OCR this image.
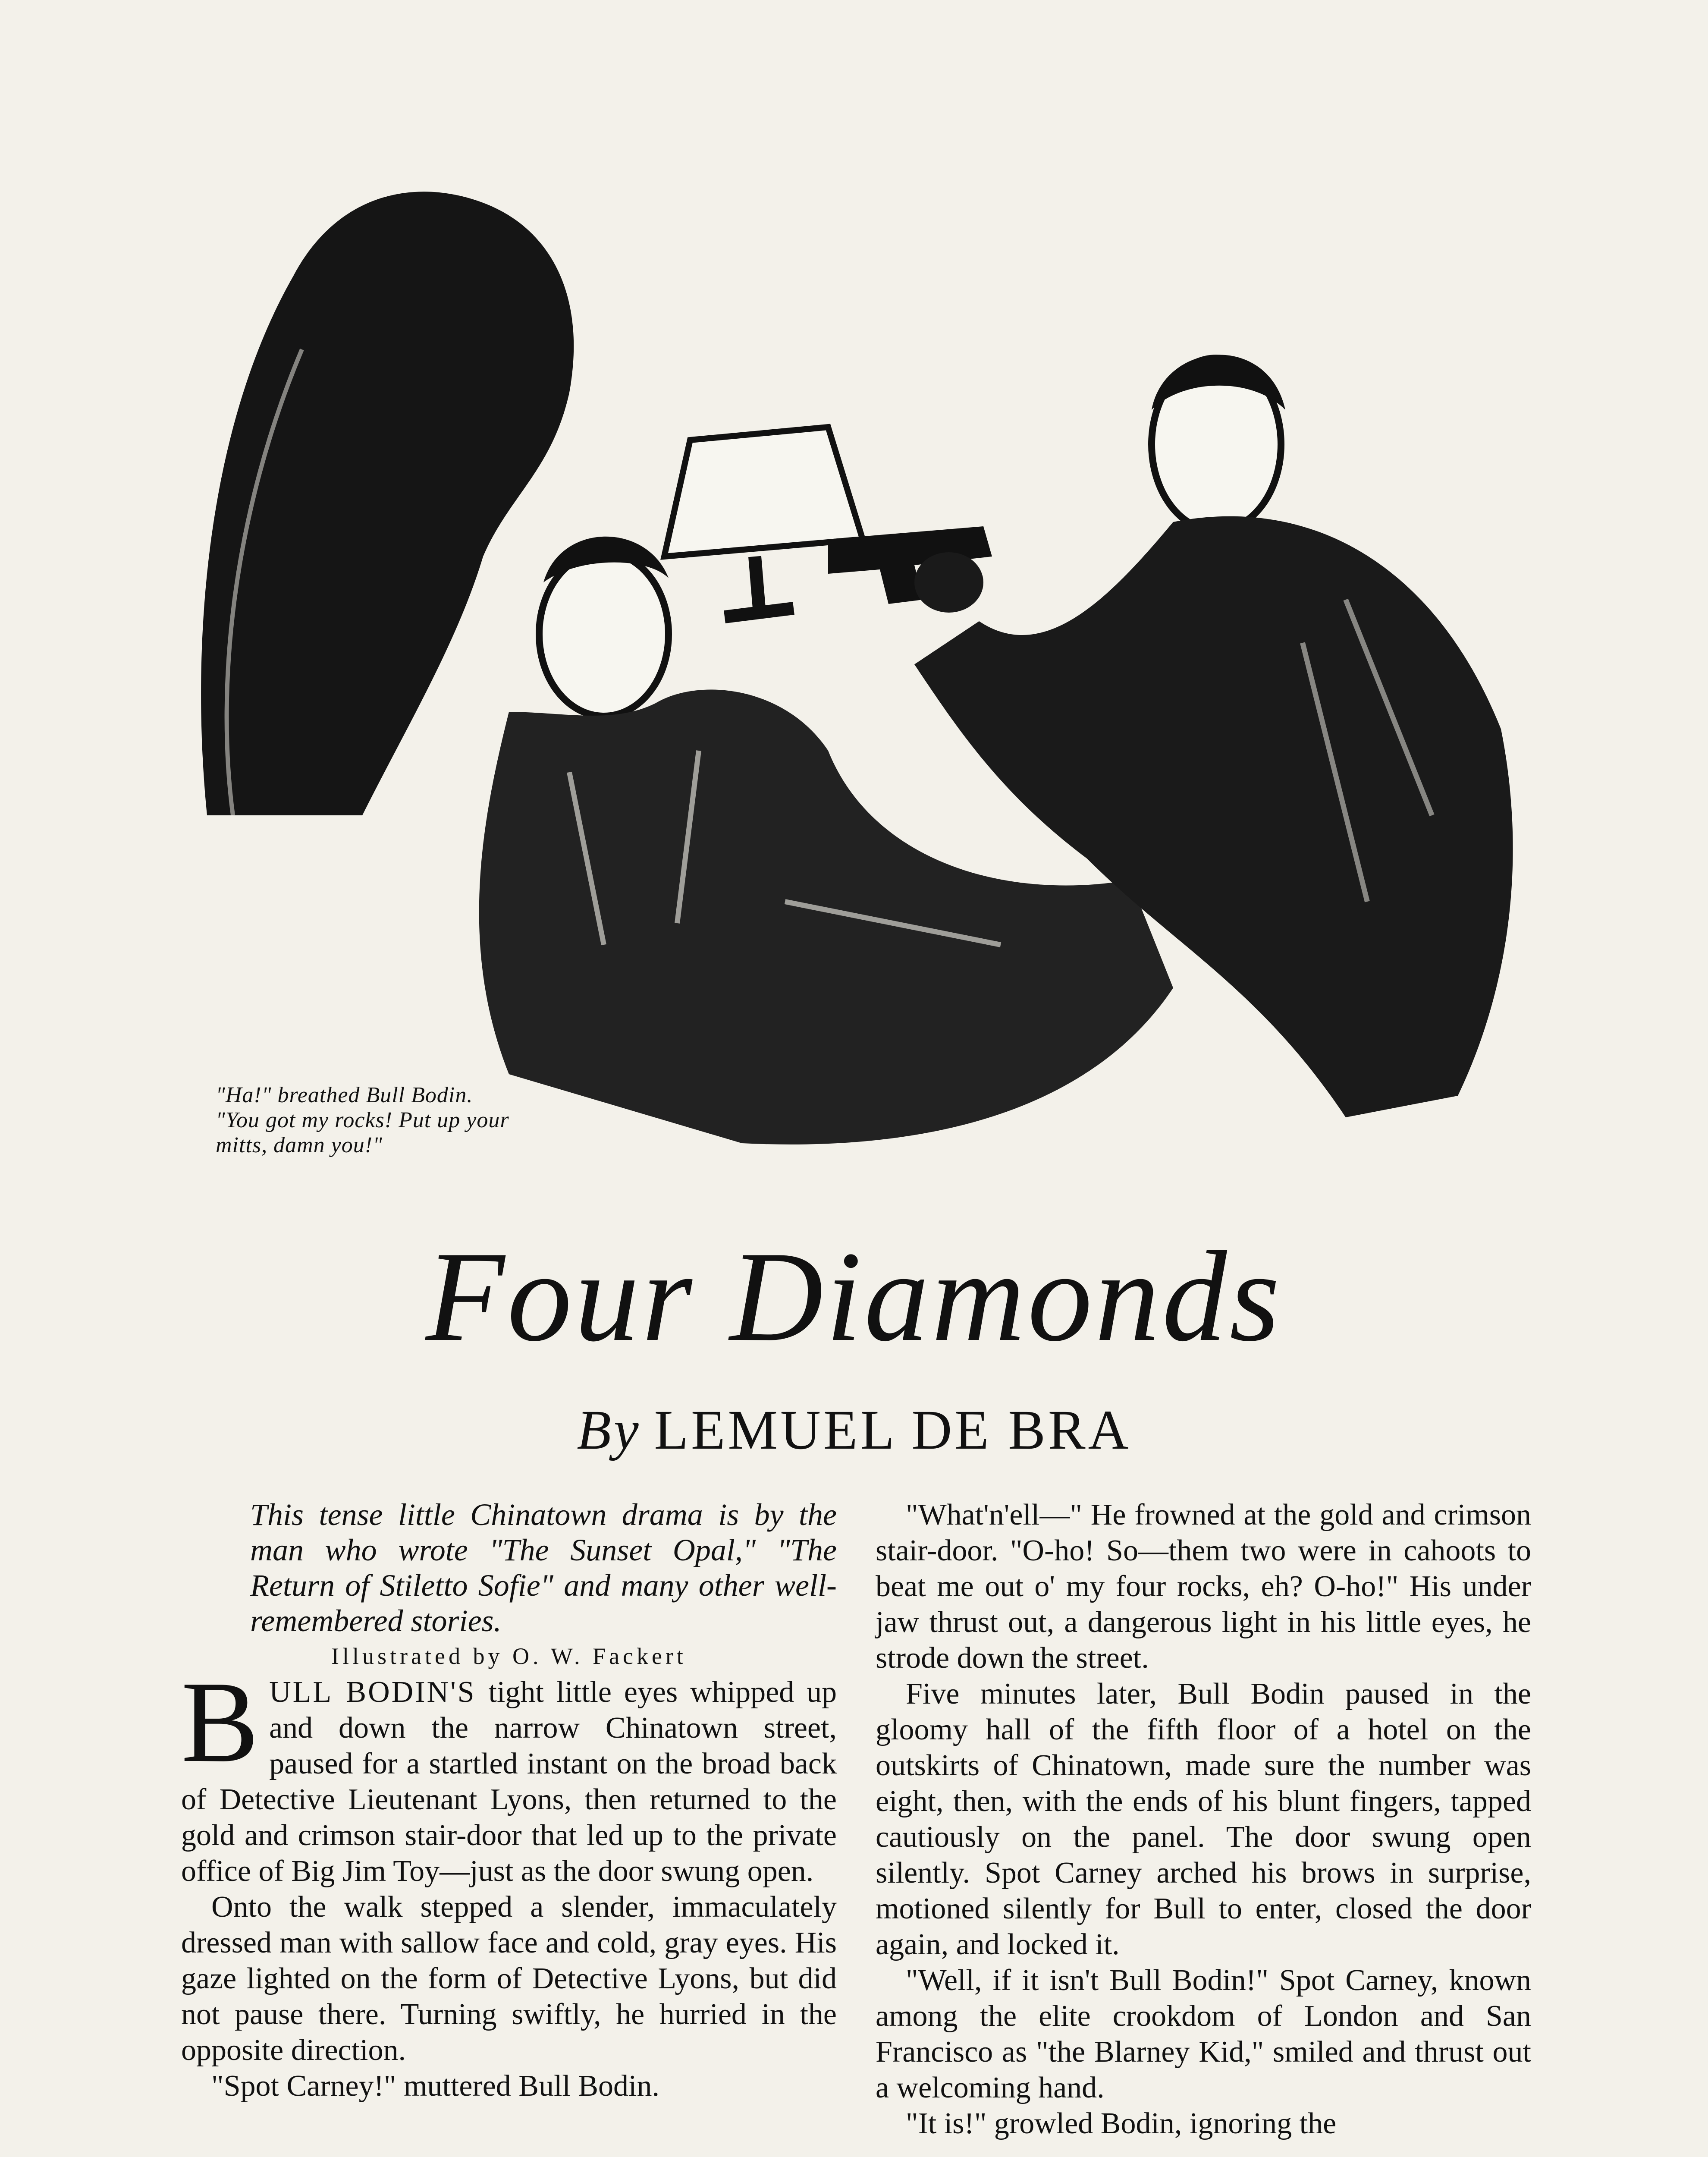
"Ha!" breathed Bull Bodin. "You got my rocks! Put up your mitts, damn you!"
Four Diamonds
By LEMUEL DE BRA

This tense little Chinatown drama is by the man who wrote "The Sunset Opal," "The Return of Stiletto Sofie" and many other well-remembered stories.

Illustrated by O. W. Fackert

BULL BODIN'S tight little eyes whipped up and down the narrow Chinatown street, paused for a startled instant on the broad back of Detective Lieutenant Lyons, then returned to the gold and crimson stair-door that led up to the private office of Big Jim Toy—just as the door swung open.

Onto the walk stepped a slender, immaculately dressed man with sallow face and cold, gray eyes. His gaze lighted on the form of Detective Lyons, but did not pause there. Turning swiftly, he hurried in the opposite direction.

"Spot Carney!" muttered Bull Bodin.

"What'n'ell—" He frowned at the gold and crimson stair-door. "O-ho! So—them two were in cahoots to beat me out o' my four rocks, eh? O-ho!" His under jaw thrust out, a dangerous light in his little eyes, he strode down the street.

Five minutes later, Bull Bodin paused in the gloomy hall of the fifth floor of a hotel on the outskirts of Chinatown, made sure the number was eight, then, with the ends of his blunt fingers, tapped cautiously on the panel. The door swung open silently. Spot Carney arched his brows in surprise, motioned silently for Bull to enter, closed the door again, and locked it.

"Well, if it isn't Bull Bodin!" Spot Carney, known among the elite crookdom of London and San Francisco as "the Blarney Kid," smiled and thrust out a welcoming hand.

"It is!" growled Bodin, ignoring the
